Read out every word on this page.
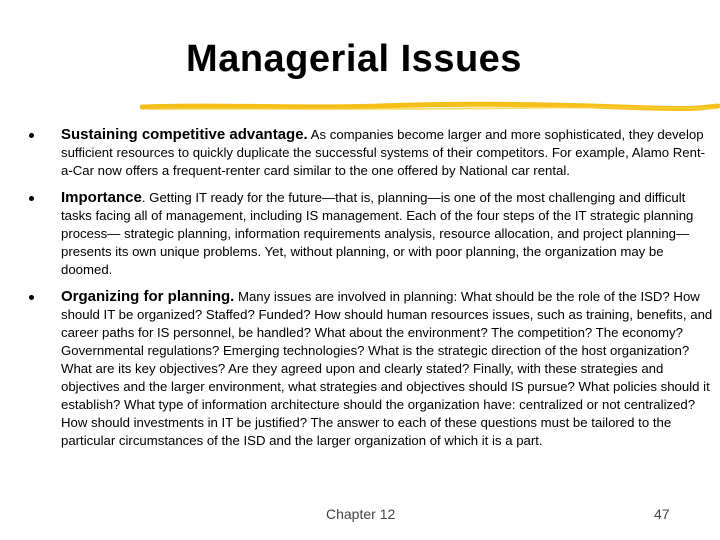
Managerial Issues
Sustaining competitive advantage. As companies become larger and more sophisticated, they develop sufficient resources to quickly duplicate the successful systems of their competitors. For example, Alamo Rent-a-Car now offers a frequent-renter card similar to the one offered by National car rental.
Importance. Getting IT ready for the future—that is, planning—is one of the most challenging and difficult tasks facing all of management, including IS management. Each of the four steps of the IT strategic planning process— strategic planning, information requirements analysis, resource allocation, and project planning—presents its own unique problems. Yet, without planning, or with poor planning, the organization may be doomed.
Organizing for planning. Many issues are involved in planning: What should be the role of the ISD? How should IT be organized? Staffed? Funded? How should human resources issues, such as training, benefits, and career paths for IS personnel, be handled? What about the environment? The competition? The economy? Governmental regulations? Emerging technologies? What is the strategic direction of the host organization? What are its key objectives? Are they agreed upon and clearly stated? Finally, with these strategies and objectives and the larger environment, what strategies and objectives should IS pursue? What policies should it establish? What type of information architecture should the organization have: centralized or not centralized? How should investments in IT be justified? The answer to each of these questions must be tailored to the particular circumstances of the ISD and the larger organization of which it is a part.
Chapter 12	47
